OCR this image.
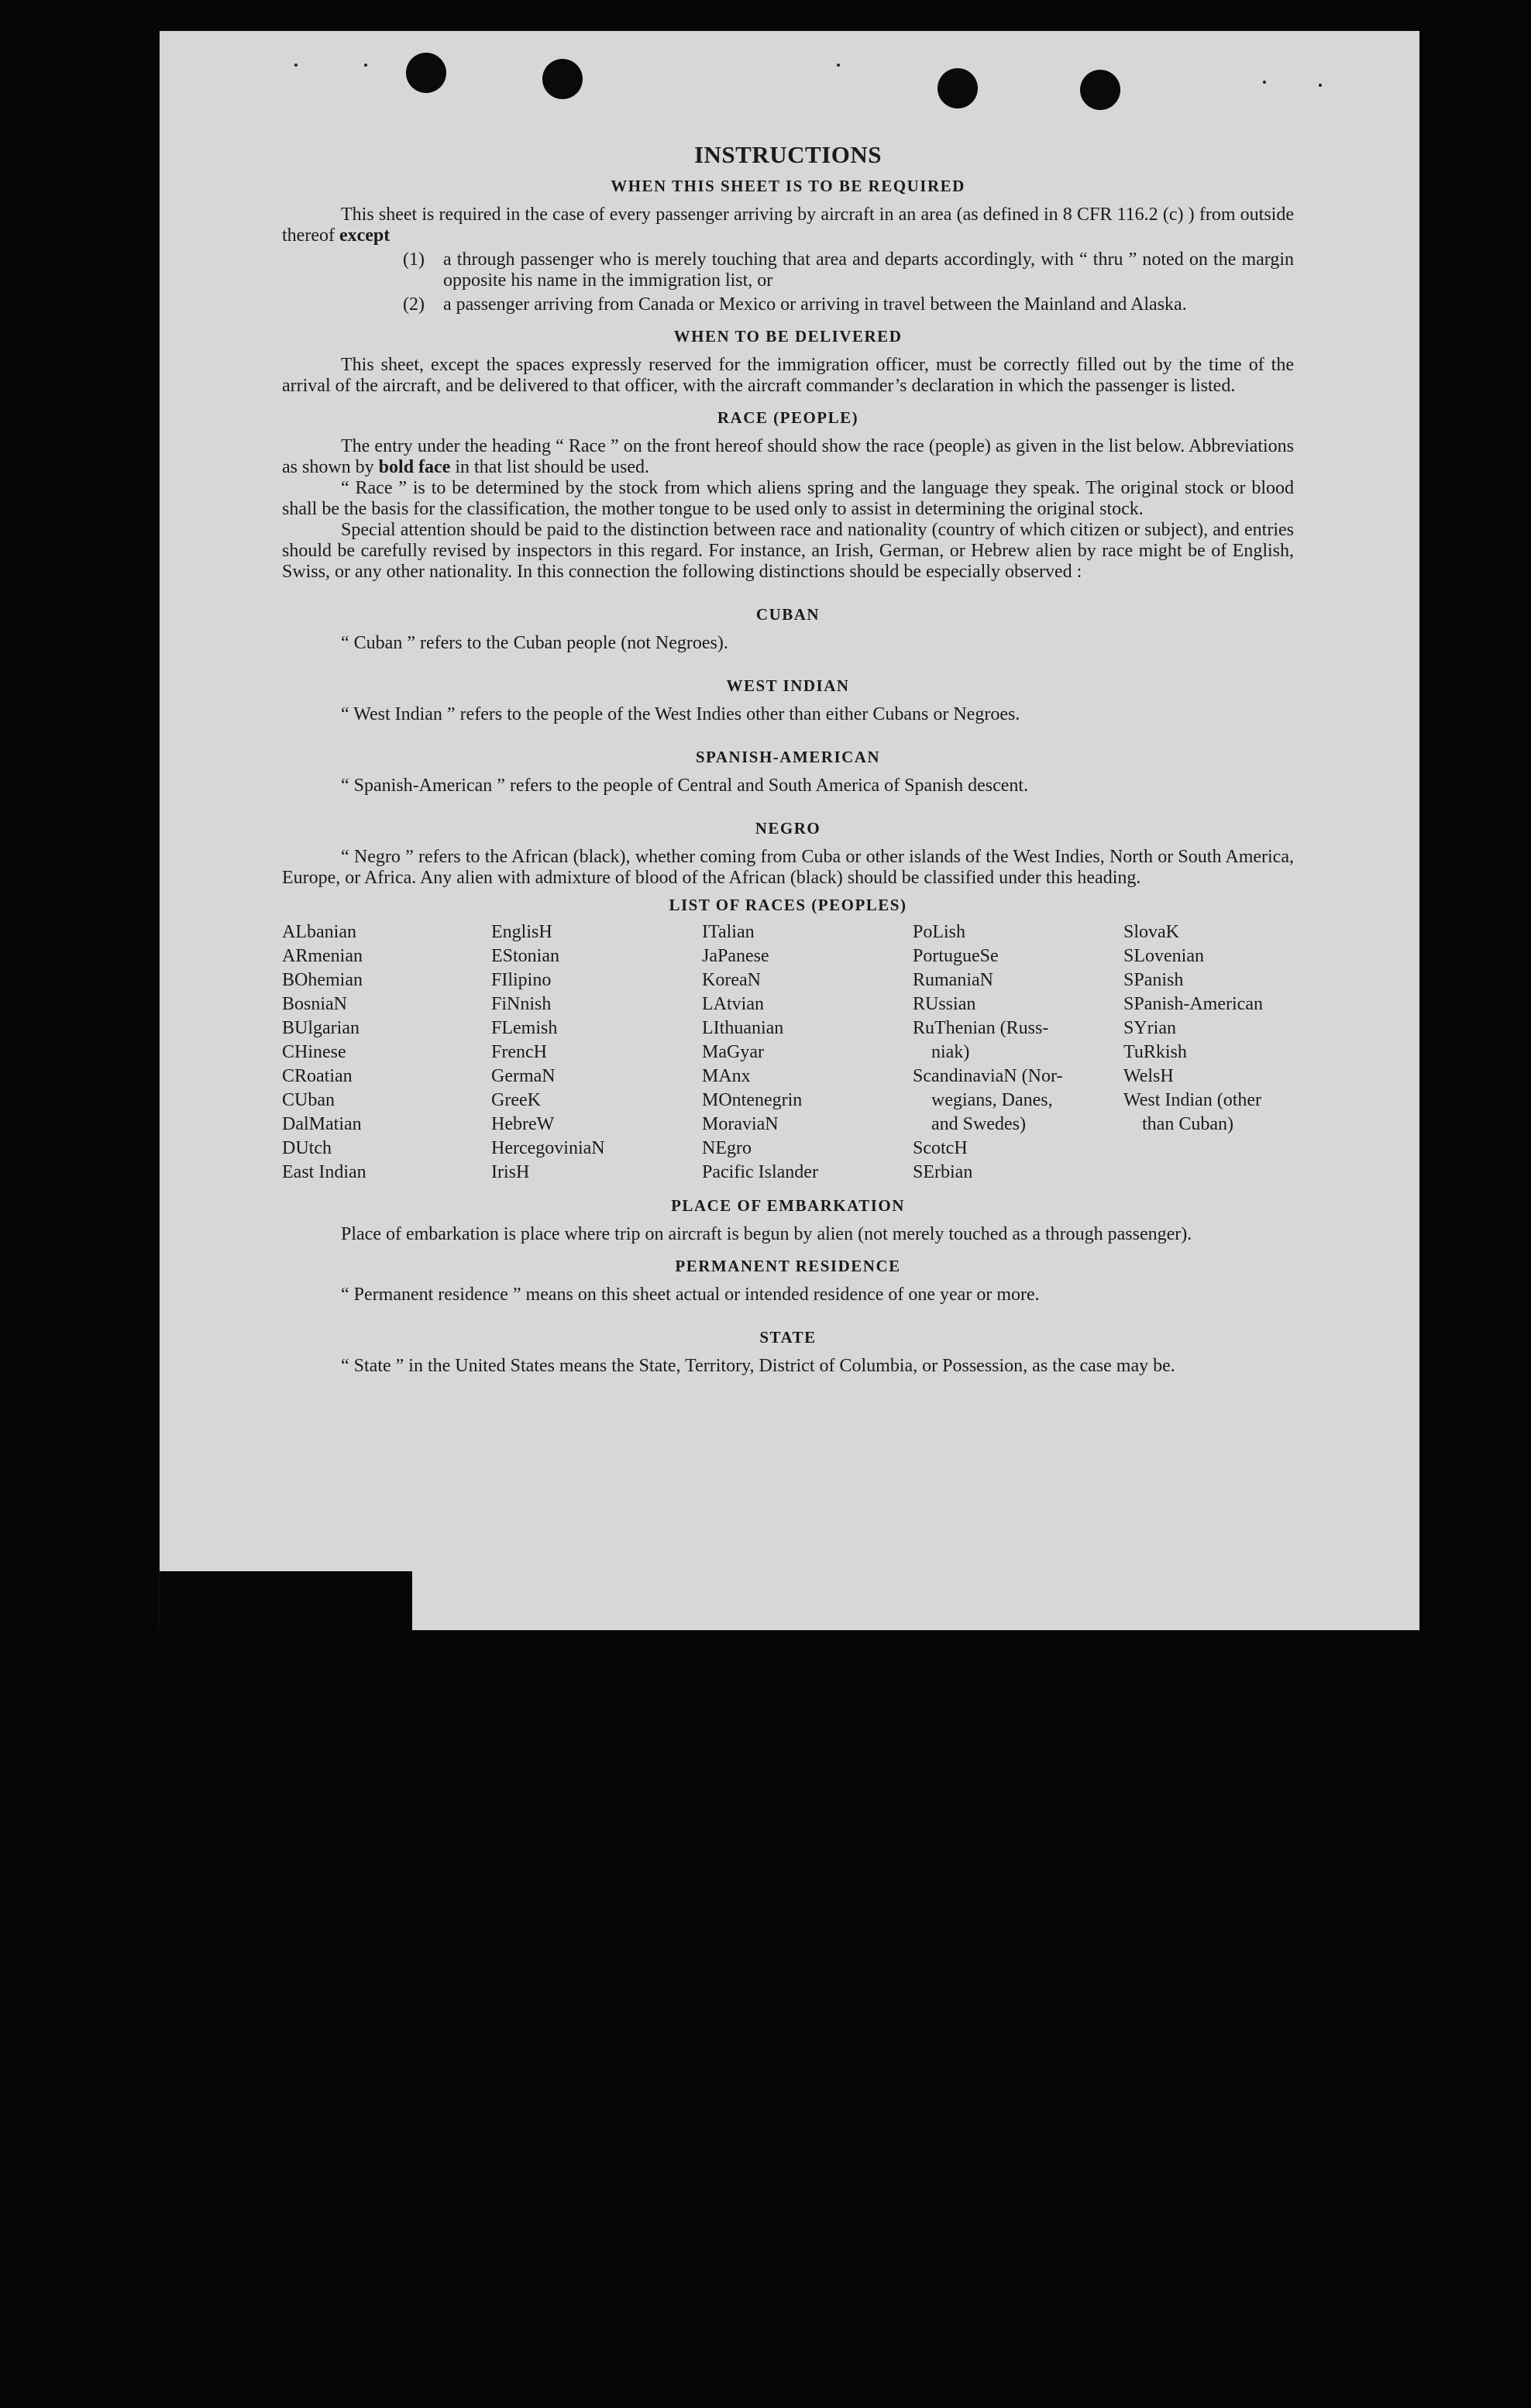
INSTRUCTIONS
WHEN THIS SHEET IS TO BE REQUIRED

This sheet is required in the case of every passenger arriving by aircraft in an area (as defined in 8 CFR 116.2 (c) ) from outside thereof except

(1) a through passenger who is merely touching that area and departs accordingly, with “ thru ” noted on the margin opposite his name in the immigration list, or
(2) a passenger arriving from Canada or Mexico or arriving in travel between the Mainland and Alaska.
WHEN TO BE DELIVERED

This sheet, except the spaces expressly reserved for the immigration officer, must be correctly filled out by the time of the arrival of the aircraft, and be delivered to that officer, with the aircraft commander’s declaration in which the passenger is listed.

RACE (PEOPLE)

The entry under the heading “ Race ” on the front hereof should show the race (people) as given in the list below. Abbreviations as shown by bold face in that list should be used.

“ Race ” is to be determined by the stock from which aliens spring and the language they speak. The original stock or blood shall be the basis for the classification, the mother tongue to be used only to assist in determining the original stock.

Special attention should be paid to the distinction between race and nationality (country of which citizen or subject), and entries should be carefully revised by inspectors in this regard. For instance, an Irish, German, or Hebrew alien by race might be of English, Swiss, or any other nationality. In this connection the following distinctions should be especially observed :

CUBAN

“ Cuban ” refers to the Cuban people (not Negroes).

WEST INDIAN

“ West Indian ” refers to the people of the West Indies other than either Cubans or Negroes.

SPANISH-AMERICAN

“ Spanish-American ” refers to the people of Central and South America of Spanish descent.

NEGRO

“ Negro ” refers to the African (black), whether coming from Cuba or other islands of the West Indies, North or South America, Europe, or Africa. Any alien with admixture of blood of the African (black) should be classified under this heading.

LIST OF RACES (PEOPLES)
ALbanian	EnglisH	ITalian	PoLish	SlovaK
ARmenian	EStonian	JaPanese	PortugueSe	SLovenian
BOhemian	FIlipino	KoreaN	RumaniaN	SPanish
BosniaN	FiNnish	LAtvian	RUssian	SPanish-American
BUlgarian	FLemish	LIthuanian	RuThenian (Russ-	SYrian
CHinese	FrencH	MaGyar	niak)	TuRkish
CRoatian	GermaN	MAnx	ScandinaviaN (Nor-	WelsH
CUban	GreeK	MOntenegrin	wegians, Danes,	West Indian (other
DalMatian	HebreW	MoraviaN	and Swedes)	than Cuban)
DUtch	HercegoviniaN	NEgro	ScotcH
East Indian	IrisH	Pacific Islander	SErbian
PLACE OF EMBARKATION

Place of embarkation is place where trip on aircraft is begun by alien (not merely touched as a through passenger).

PERMANENT RESIDENCE

“ Permanent residence ” means on this sheet actual or intended residence of one year or more.

STATE

“ State ” in the United States means the State, Territory, District of Columbia, or Possession, as the case may be.
